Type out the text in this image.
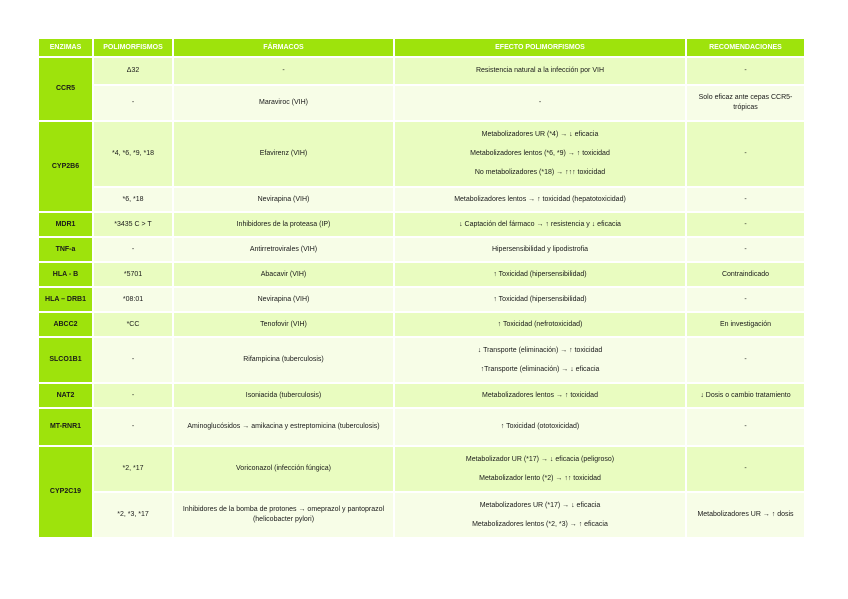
ENZIMAS	POLIMORFISMOS	FÁRMACOS	EFECTO POLIMORFISMOS	RECOMENDACIONES
CCR5	Δ32	-	Resistencia natural a la infección por VIH	-
	-	Maraviroc (VIH)	-	Solo eficaz ante cepas CCR5-trópicas
CYP2B6	*4, *6, *9, *18	Efavirenz (VIH)	Metabolizadores UR (*4) → ↓ eficacia

Metabolizadores lentos (*6, *9) → ↑ toxicidad

No metabolizadores (*18) → ↑↑↑ toxicidad	-
	*6, *18	Nevirapina (VIH)	Metabolizadores lentos → ↑ toxicidad (hepatotoxicidad)	-
MDR1	*3435 C > T	Inhibidores de la proteasa (IP)	↓ Captación del fármaco → ↑ resistencia y ↓ eficacia	-
TNF-a	-	Antirretrovirales (VIH)	Hipersensibilidad y lipodistrofia	-
HLA - B	*5701	Abacavir (VIH)	↑ Toxicidad (hipersensibilidad)	Contraindicado
HLA – DRB1	*08:01	Nevirapina (VIH)	↑ Toxicidad (hipersensibilidad)	-
ABCC2	*CC	Tenofovir (VIH)	↑ Toxicidad (nefrotoxicidad)	En investigación
SLCO1B1	-	Rifampicina (tuberculosis)	↓ Transporte (eliminación) → ↑ toxicidad

↑Transporte (eliminación) → ↓ eficacia	-
NAT2	-	Isoniacida (tuberculosis)	Metabolizadores lentos → ↑ toxicidad	↓ Dosis o cambio tratamiento
MT-RNR1	-	Aminoglucósidos → amikacina y estreptomicina (tuberculosis)	↑ Toxicidad (ototoxicidad)	-
CYP2C19	*2, *17	Voriconazol (infección fúngica)	Metabolizador UR (*17) → ↓ eficacia (peligroso)

Metabolizador lento (*2) → ↑↑ toxicidad	-
	*2, *3, *17	Inhibidores de la bomba de protones → omeprazol y pantoprazol (helicobacter pylori)	Metabolizadores UR (*17) → ↓ eficacia

Metabolizadores lentos (*2, *3) → ↑ eficacia	Metabolizadores UR → ↑ dosis
